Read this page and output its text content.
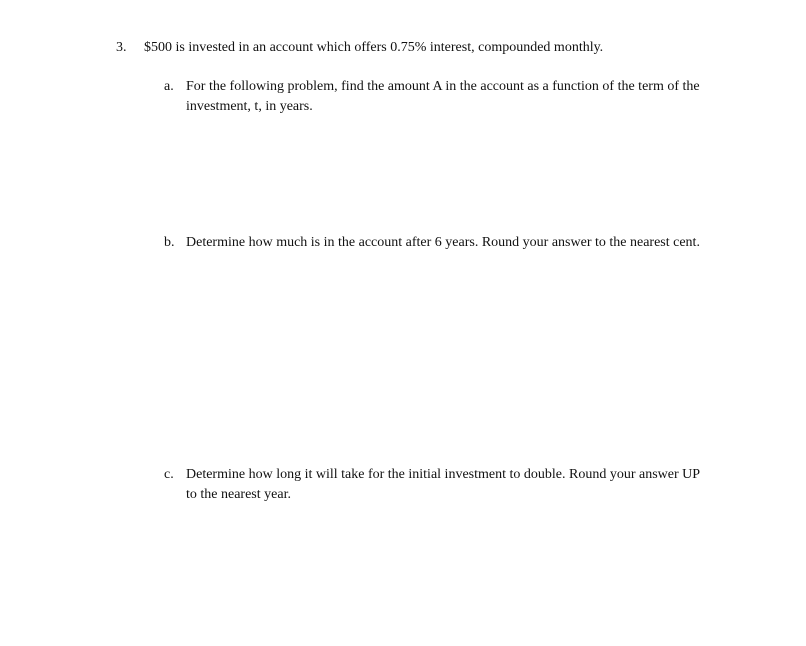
3. $500 is invested in an account which offers 0.75% interest, compounded monthly.
a. For the following problem, find the amount A in the account as a function of the term of the investment, t, in years.
b. Determine how much is in the account after 6 years. Round your answer to the nearest cent.
c. Determine how long it will take for the initial investment to double. Round your answer UP to the nearest year.
